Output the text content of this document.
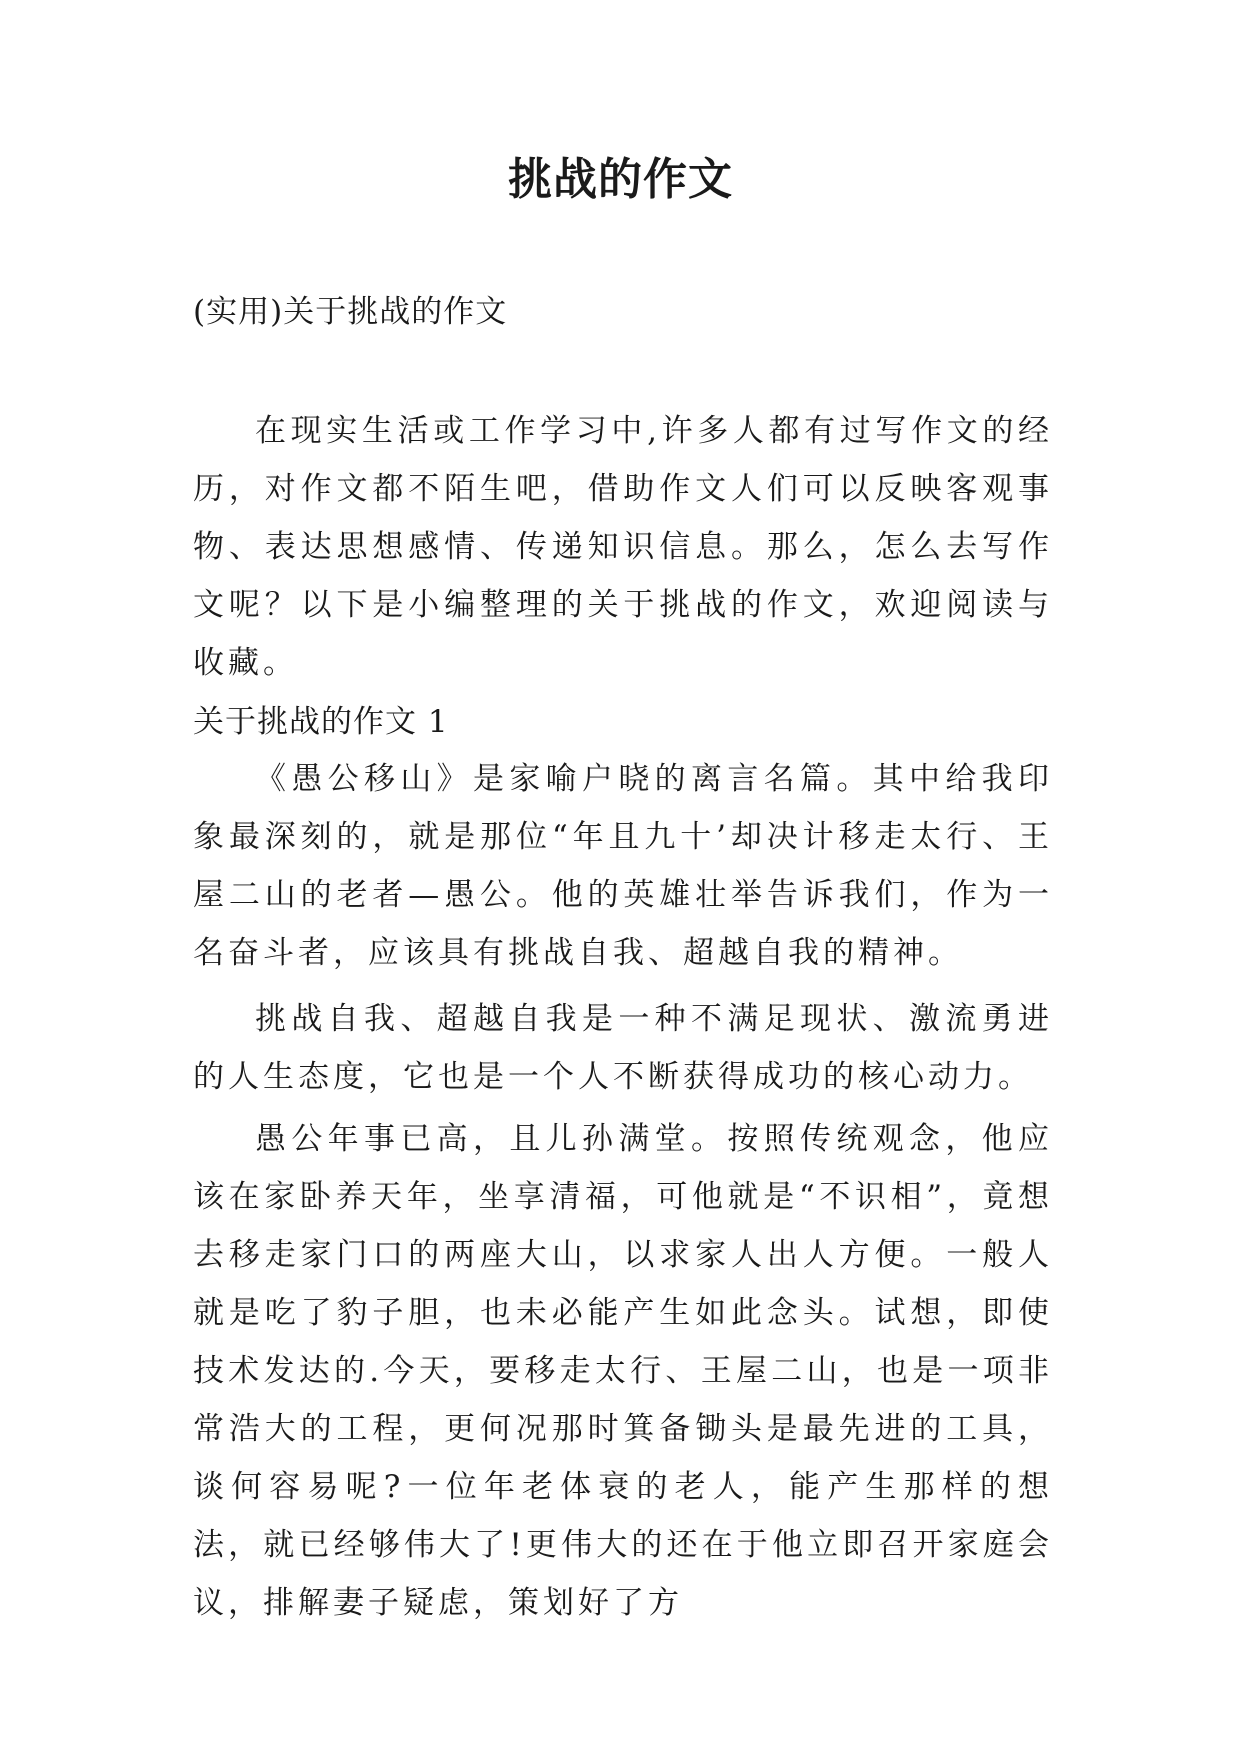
挑战的作文

(实用)关于挑战的作文

在现实生活或工作学习中,许多人都有过写作文的经历，对作文都不陌生吧，借助作文人们可以反映客观事物、表达思想感情、传递知识信息。那么，怎么去写作文呢？以下是小编整理的关于挑战的作文，欢迎阅读与收藏。

关于挑战的作文 1

《愚公移山》是家喻户晓的离言名篇。其中给我印象最深刻的，就是那位“年且九十’却决计移走太行、王屋二山的老者—愚公。他的英雄壮举告诉我们，作为一名奋斗者，应该具有挑战自我、超越自我的精神。

挑战自我、超越自我是一种不满足现状、激流勇进的人生态度，它也是一个人不断获得成功的核心动力。

愚公年事已高，且儿孙满堂。按照传统观念，他应该在家卧养天年，坐享清福，可他就是“不识相”，竟想去移走家门口的两座大山，以求家人出人方便。一般人就是吃了豹子胆，也未必能产生如此念头。试想，即使技术发达的.今天，要移走太行、王屋二山，也是一项非常浩大的工程，更何况那时箕备锄头是最先进的工具，谈何容易呢?一位年老体衰的老人，能产生那样的想法，就已经够伟大了!更伟大的还在于他立即召开家庭会议，排解妻子疑虑，策划好了方
